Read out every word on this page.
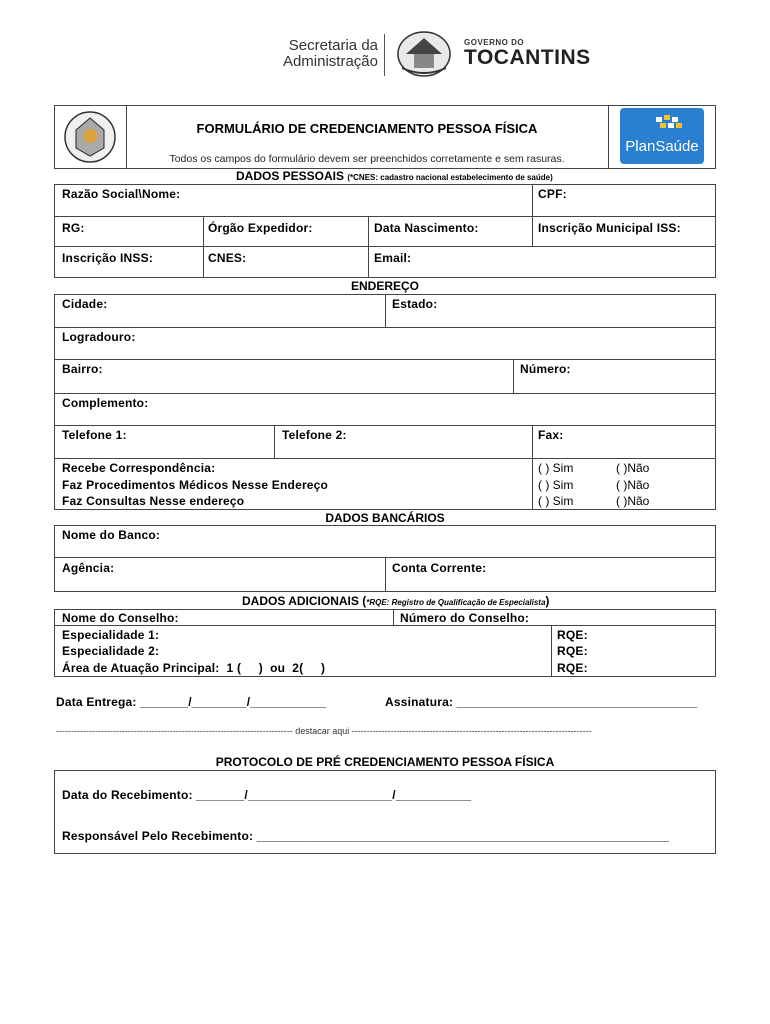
Secretaria da
Administração
GOVERNO DO
TOCANTINS
FORMULÁRIO DE CREDENCIAMENTO PESSOA FÍSICA
Todos os campos do formulário devem ser preenchidos corretamente e sem rasuras.
PlanSaúde
DADOS PESSOAIS (*CNES: cadastro nacional estabelecimento de saúde)
Razão Social\Nome:	CPF:
RG:	Órgão Expedidor:	Data Nascimento:	Inscrição Municipal ISS:
Inscrição INSS:	CNES:	Email:
ENDEREÇO
Cidade:	Estado:
Logradouro:
Bairro:	Número:
Complemento:
Telefone 1:	Telefone 2:	Fax:
Recebe Correspondência:	( ) Sim	( )Não
Faz Procedimentos Médicos Nesse Endereço	( ) Sim	( )Não
Faz Consultas Nesse endereço	( ) Sim	( )Não
DADOS BANCÁRIOS
Nome do Banco:
Agência:	Conta Corrente:
DADOS ADICIONAIS (*RQE: Registro de Qualificação de Especialista)
Nome do Conselho:	Número do Conselho:
Especialidade 1:	RQE:
Especialidade 2:	RQE:
Área de Atuação Principal:  1 (     )  ou  2(     )	RQE:
Data Entrega: _______/________/___________	Assinatura: ___________________________________
------------------------------------------------------------------------------- destacar aqui --------------------------------------------------------------------------------
PROTOCOLO DE PRÉ CREDENCIAMENTO PESSOA FÍSICA
Data do Recebimento: _______/_____________________/___________
Responsável Pelo Recebimento: ____________________________________________________________
